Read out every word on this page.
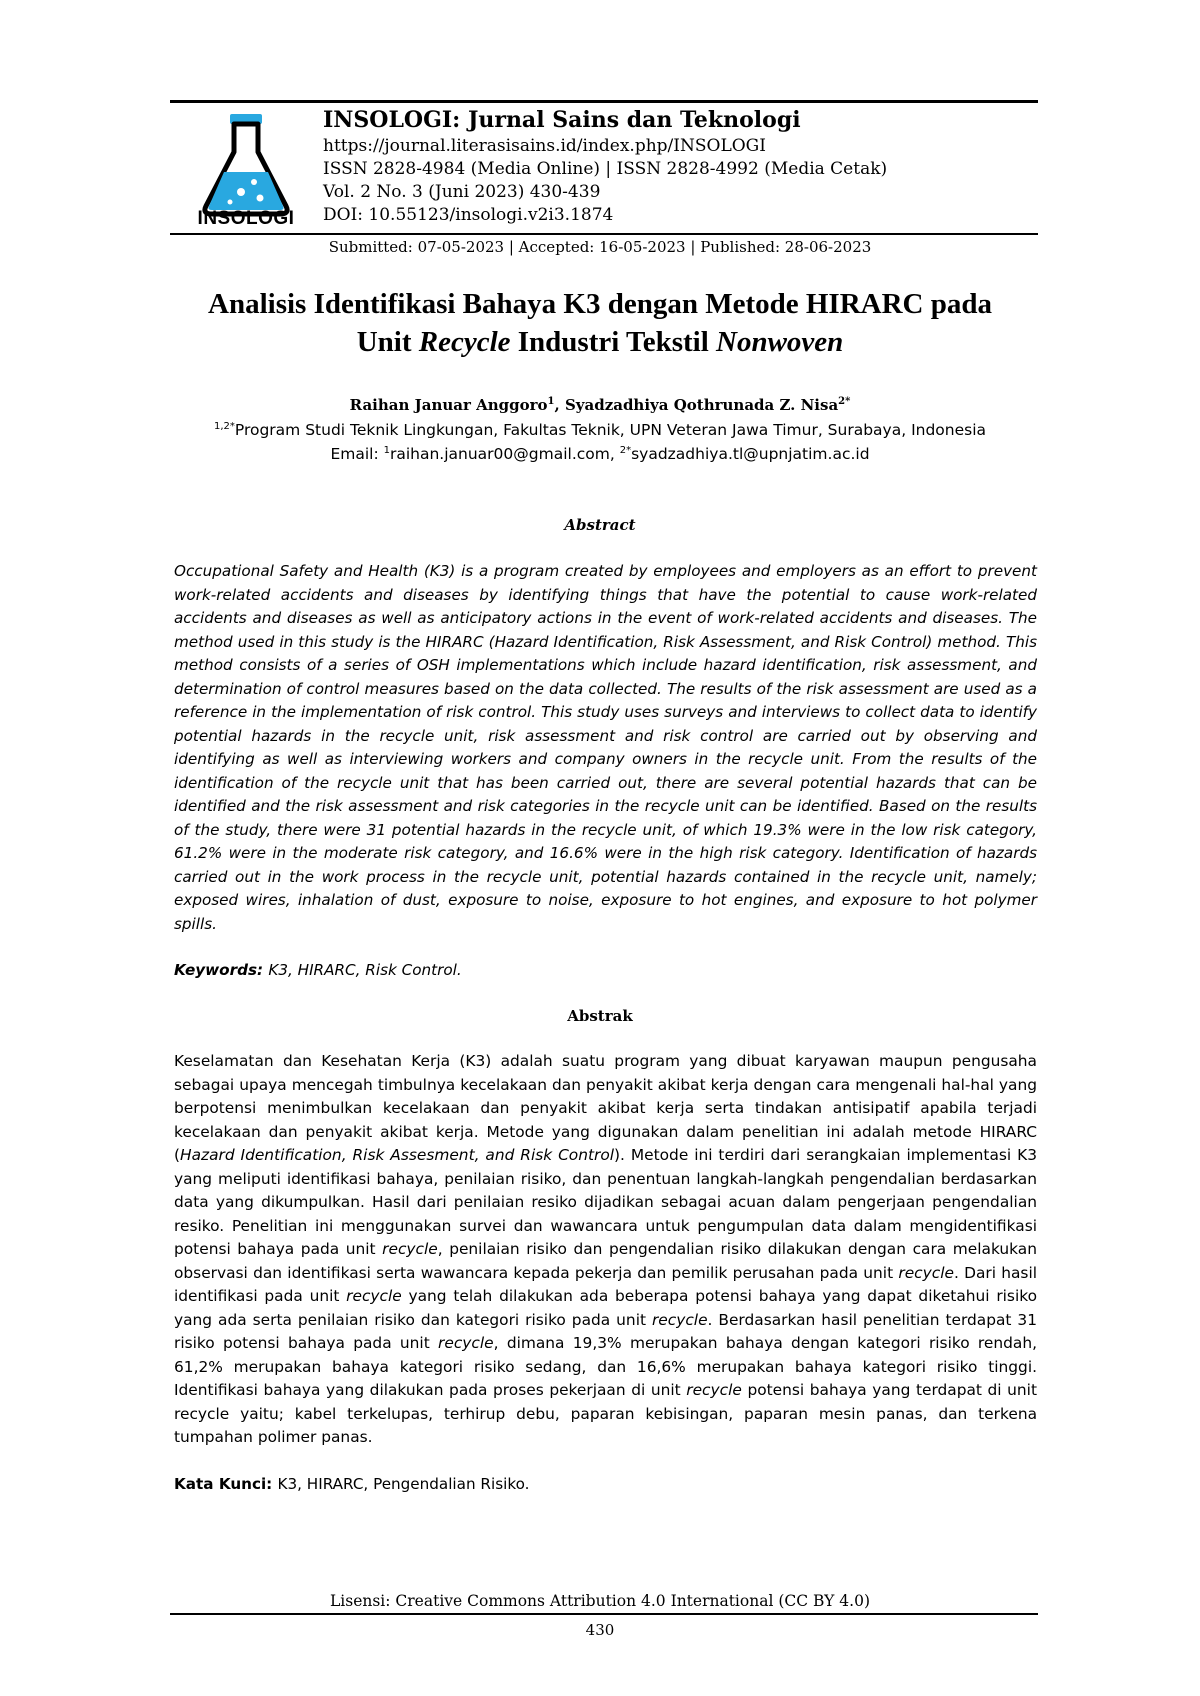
INSOLOGI
INSOLOGI: Jurnal Sains dan Teknologi
https://journal.literasisains.id/index.php/INSOLOGI
ISSN 2828-4984 (Media Online) | ISSN 2828-4992 (Media Cetak)
Vol. 2 No. 3 (Juni 2023) 430-439
DOI: 10.55123/insologi.v2i3.1874
Submitted: 07-05-2023 | Accepted: 16-05-2023 | Published: 28-06-2023
Analisis Identifikasi Bahaya K3 dengan Metode HIRARC pada
Unit Recycle Industri Tekstil Nonwoven
Raihan Januar Anggoro$^1$, Syadzadhiya Qothrunada Z. Nisa$^{2*}$
$^{1,2*}$Program Studi Teknik Lingkungan, Fakultas Teknik, UPN Veteran Jawa Timur, Surabaya, Indonesia
Email: $^1$raihan.januar00@gmail.com, $^{2*}$syadzadhiya.tl@upnjatim.ac.id
Abstract
Occupational Safety and Health (K3) is a program created by employees and employers as an effort to prevent work-related accidents and diseases by identifying things that have the potential to cause work-related accidents and diseases as well as anticipatory actions in the event of work-related accidents and diseases. The method used in this study is the HIRARC (Hazard Identification, Risk Assessment, and Risk Control) method. This method consists of a series of OSH implementations which include hazard identification, risk assessment, and determination of control measures based on the data collected. The results of the risk assessment are used as a reference in the implementation of risk control. This study uses surveys and interviews to collect data to identify potential hazards in the recycle unit, risk assessment and risk control are carried out by observing and identifying as well as interviewing workers and company owners in the recycle unit. From the results of the identification of the recycle unit that has been carried out, there are several potential hazards that can be identified and the risk assessment and risk categories in the recycle unit can be identified. Based on the results of the study, there were 31 potential hazards in the recycle unit, of which 19.3% were in the low risk category, 61.2% were in the moderate risk category, and 16.6% were in the high risk category. Identification of hazards carried out in the work process in the recycle unit, potential hazards contained in the recycle unit, namely; exposed wires, inhalation of dust, exposure to noise, exposure to hot engines, and exposure to hot polymer spills.
Keywords: K3, HIRARC, Risk Control.
Abstrak
Keselamatan dan Kesehatan Kerja (K3) adalah suatu program yang dibuat karyawan maupun pengusaha sebagai upaya mencegah timbulnya kecelakaan dan penyakit akibat kerja dengan cara mengenali hal-hal yang berpotensi menimbulkan kecelakaan dan penyakit akibat kerja serta tindakan antisipatif apabila terjadi kecelakaan dan penyakit akibat kerja. Metode yang digunakan dalam penelitian ini adalah metode HIRARC (Hazard Identification, Risk Assesment, and Risk Control). Metode ini terdiri dari serangkaian implementasi K3 yang meliputi identifikasi bahaya, penilaian risiko, dan penentuan langkah-langkah pengendalian berdasarkan data yang dikumpulkan. Hasil dari penilaian resiko dijadikan sebagai acuan dalam pengerjaan pengendalian resiko. Penelitian ini menggunakan survei dan wawancara untuk pengumpulan data dalam mengidentifikasi potensi bahaya pada unit recycle, penilaian risiko dan pengendalian risiko dilakukan dengan cara melakukan observasi dan identifikasi serta wawancara kepada pekerja dan pemilik perusahan pada unit recycle. Dari hasil identifikasi pada unit recycle yang telah dilakukan ada beberapa potensi bahaya yang dapat diketahui risiko yang ada serta penilaian risiko dan kategori risiko pada unit recycle. Berdasarkan hasil penelitian terdapat 31 risiko potensi bahaya pada unit recycle, dimana 19,3% merupakan bahaya dengan kategori risiko rendah, 61,2% merupakan bahaya kategori risiko sedang, dan 16,6% merupakan bahaya kategori risiko tinggi. Identifikasi bahaya yang dilakukan pada proses pekerjaan di unit recycle potensi bahaya yang terdapat di unit recycle yaitu; kabel terkelupas, terhirup debu, paparan kebisingan, paparan mesin panas, dan terkena tumpahan polimer panas.
Kata Kunci: K3, HIRARC, Pengendalian Risiko.
Lisensi: Creative Commons Attribution 4.0 International (CC BY 4.0)
430
